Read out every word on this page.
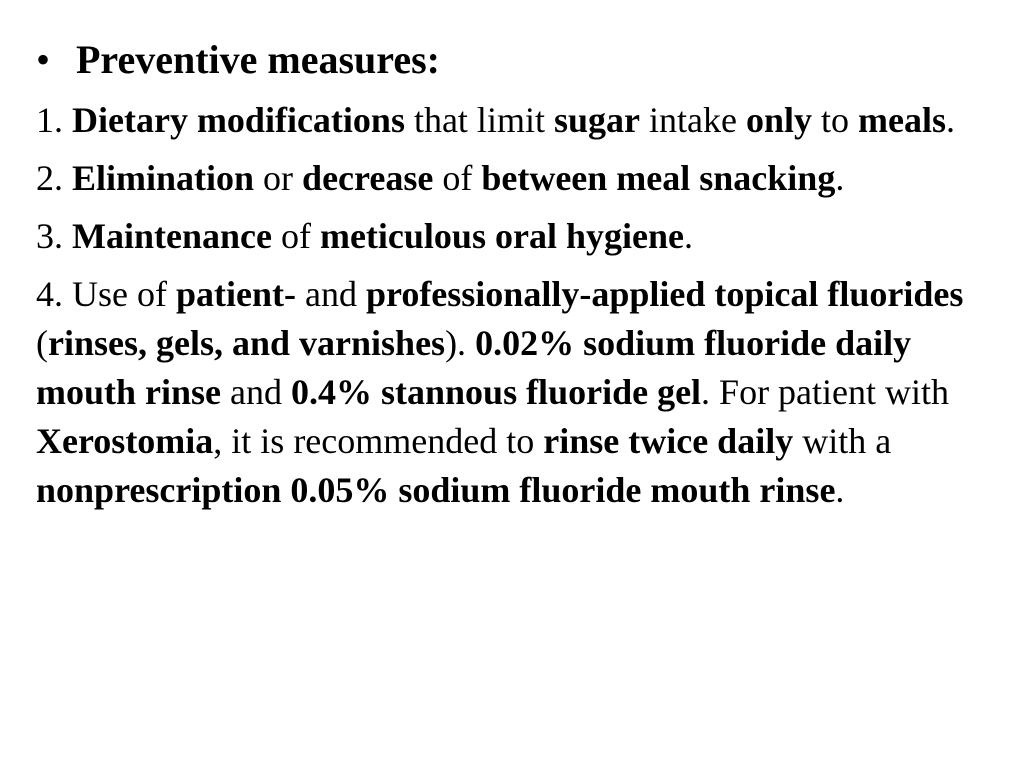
• Preventive measures:

1. Dietary modifications that limit sugar intake only to meals.

2. Elimination or decrease of between meal snacking.

3. Maintenance of meticulous oral hygiene.

4. Use of patient- and professionally-applied topical fluorides (rinses, gels, and varnishes). 0.02% sodium fluoride daily mouth rinse and 0.4% stannous fluoride gel. For patient with Xerostomia, it is recommended to rinse twice daily with a nonprescription 0.05% sodium fluoride mouth rinse.
